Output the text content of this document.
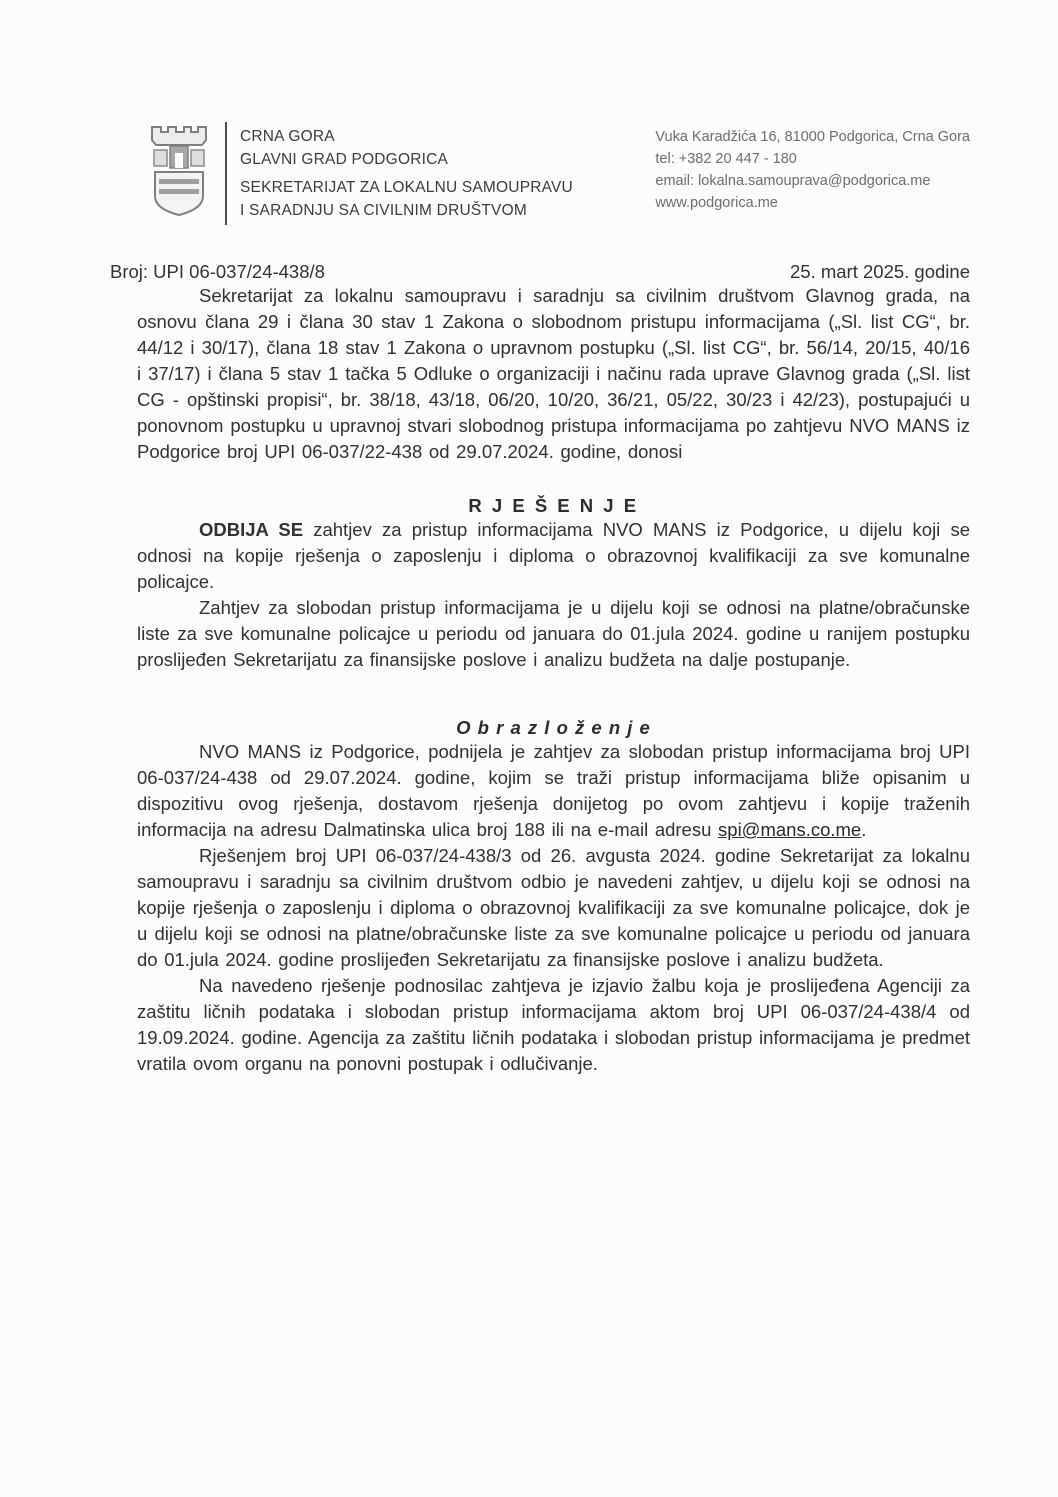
CRNA GORA
GLAVNI GRAD PODGORICA
SEKRETARIJAT ZA LOKALNU SAMOUPRAVU
I SARADNJU SA CIVILNIM DRUŠTVOM
Vuka Karadžića 16, 81000 Podgorica, Crna Gora
tel: +382 20 447 - 180
email: lokalna.samouprava@podgorica.me
www.podgorica.me
Broj: UPI 06-037/24-438/8	25. mart 2025. godine

Sekretarijat za lokalnu samoupravu i saradnju sa civilnim društvom Glavnog grada, na osnovu člana 29 i člana 30 stav 1 Zakona o slobodnom pristupu informacijama („Sl. list CG“, br. 44/12 i 30/17), člana 18 stav 1 Zakona o upravnom postupku („Sl. list CG“, br. 56/14, 20/15, 40/16 i 37/17) i člana 5 stav 1 tačka 5 Odluke o organizaciji i načinu rada uprave Glavnog grada („Sl. list CG - opštinski propisi“, br. 38/18, 43/18, 06/20, 10/20, 36/21, 05/22, 30/23 i 42/23), postupajući u ponovnom postupku u upravnoj stvari slobodnog pristupa informacijama po zahtjevu NVO MANS iz Podgorice broj UPI 06-037/22-438 od 29.07.2024. godine, donosi

R J E Š E N J E

ODBIJA SE zahtjev za pristup informacijama NVO MANS iz Podgorice, u dijelu koji se odnosi na kopije rješenja o zaposlenju i diploma o obrazovnoj kvalifikaciji za sve komunalne policajce.

Zahtjev za slobodan pristup informacijama je u dijelu koji se odnosi na platne/obračunske liste za sve komunalne policajce u periodu od januara do 01.jula 2024. godine u ranijem postupku proslijeđen Sekretarijatu za finansijske poslove i analizu budžeta na dalje postupanje.

O b r a z l o ž e n j e

NVO MANS iz Podgorice, podnijela je zahtjev za slobodan pristup informacijama broj UPI 06-037/24-438 od 29.07.2024. godine, kojim se traži pristup informacijama bliže opisanim u dispozitivu ovog rješenja, dostavom rješenja donijetog po ovom zahtjevu i kopije traženih informacija na adresu Dalmatinska ulica broj 188 ili na e-mail adresu spi@mans.co.me.

Rješenjem broj UPI 06-037/24-438/3 od 26. avgusta 2024. godine Sekretarijat za lokalnu samoupravu i saradnju sa civilnim društvom odbio je navedeni zahtjev, u dijelu koji se odnosi na kopije rješenja o zaposlenju i diploma o obrazovnoj kvalifikaciji za sve komunalne policajce, dok je u dijelu koji se odnosi na platne/obračunske liste za sve komunalne policajce u periodu od januara do 01.jula 2024. godine proslijeđen Sekretarijatu za finansijske poslove i analizu budžeta.

Na navedeno rješenje podnosilac zahtjeva je izjavio žalbu koja je proslijeđena Agenciji za zaštitu ličnih podataka i slobodan pristup informacijama aktom broj UPI 06-037/24-438/4 od 19.09.2024. godine. Agencija za zaštitu ličnih podataka i slobodan pristup informacijama je predmet vratila ovom organu na ponovni postupak i odlučivanje.
